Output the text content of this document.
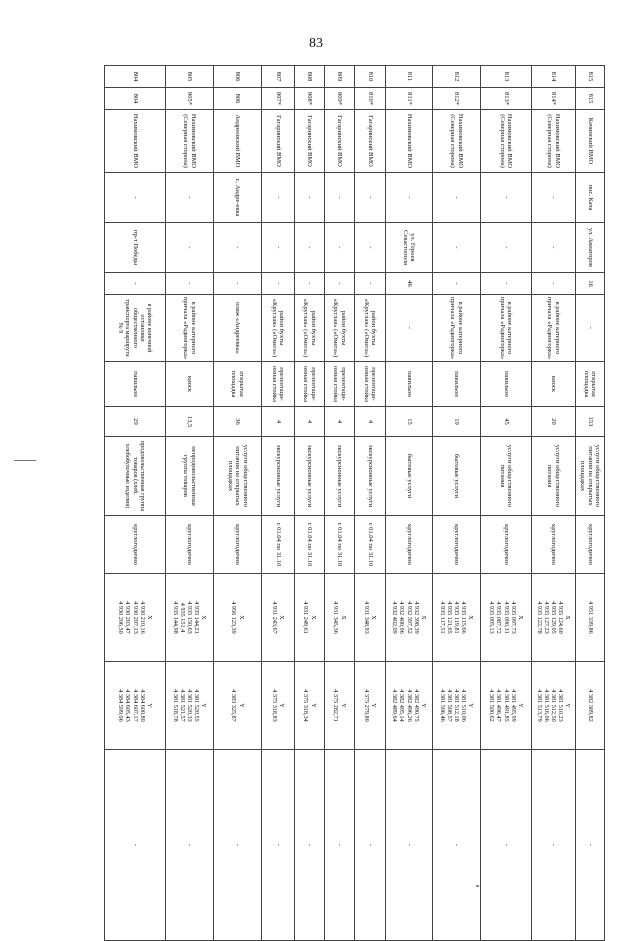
83
815	815	Качинский ВМО	пос. Кача	ул. Авиаторов	16	-	открытая площадка	153	услуги общественного питания на открытых площадках	круглогодично	4 951 339,86	4 382 389,82	-
814	814*	Нахимовский ВМО (Северная сторона)	-	-	-	в районе катерного причала «Радиогорка»	киоск	20	услуги общественного питания	круглогодично	X
4 935 124,60
4 935 129,05
4 935 127,23
4 935 122,78	Y
4 381 510,23
4 381 512,50
4 381 516,06
4 381 513,79	-
813	813*	Нахимовский ВМО (Северная сторона)	-	-	-	в районе катерного причала «Радиогорка»	павильон	45	услуги общественного питания	круглогодично	X
4 935 097,73
4 935 090,31
4 935 087,72
4 935 095,13	Y
4 381 495,99
4 381 491,85
4 381 496,47
4 381 500,62	-
812	812*	Нахимовский ВМО (Северная сторона)	-	-	-	в районе катерного причала «Радиогорка»	павильон	19	бытовые услуги	круглогодично	X
4 935 115,66
4 935 119,81
4 935 121,65
4 935 117,51	Y
4 381 510,06
4 381 512,18
4 381 508,57
4 381 506,46	-
811	811*	Нахимовский ВМО	-	ул. Героев Севастополя	46	-	павильон	15	бытовые услуги	круглогодично	X
4 932 398,39
4 932 397,52
4 932 400,96
4 932 402,09	Y
4 382 490,75
4 382 496,26
4 382 495,14
4 382 489,64	-
810	810*	Гагаринский ВМО	-	-	-	район бухты «Круглая» («Омега»)	презентаци-онная стойка	4	экскурсионные услуги	с 01.04 по 31.10	X
4 931 348,93	Y
4 375 279,80	-
809	809*	Гагаринский ВМО	-	-	-	район бухты «Круглая» («Омега»)	презентаци-онная стойка	4	экскурсионные услуги	с 01.04 по 31.10	X
4 931 345,36	Y
4 375 282,71	-
808	808*	Гагаринский ВМО	-	-	-	район бухты «Круглая» («Омега»)	презентаци-онная стойка	4	экскурсионные услуги	с 01.04 по 31.10	X
4 931 249,61	Y
4 375 318,34	-
807	807*	Гагаринский ВМО	-	-	-	район бухты «Круглая» («Омега»)	презентаци-онная стойка	4	экскурсионные услуги	с 01.04 по 31.10	X
4 931 243,67	Y
4 375 318,83	-
806	806	Андреевский ВМО	с. Андре-евка	-	-	пляж «Андреевка»	открытая площадка	36	услуги общественного питания на открытых площадках	круглогодично	X
4 956 123,39	Y
4 383 325,87	-
805	805*	Нахимовский ВМО (Северная сторона)	-	-	-	в районе катерного причала «Радиогорка»	киоск	13,5	непродовольственная группа товаров	круглогодично	X
4 935 144,21
4 935 150,63
4 935 151,4
4 935 144,98	Y
4 381 520,55
4 381 520,33
4 381 521,57
4 381 518,78	-
804	804	Нахимовский ВМО	-	пр-т Победы	-	в районе конечной остановки общественного транспорта маршрута № 9	павильон	29	продовольственная группа товаров (хлеб, хлебобулочные изделия)	круглогодично	X
4 930 210,16
4 930 207,13
4 930 203,47
4 930 206,50	Y
4 384 600,80
4 384 607,17
4 384 605,43
4 384 599,06	-
